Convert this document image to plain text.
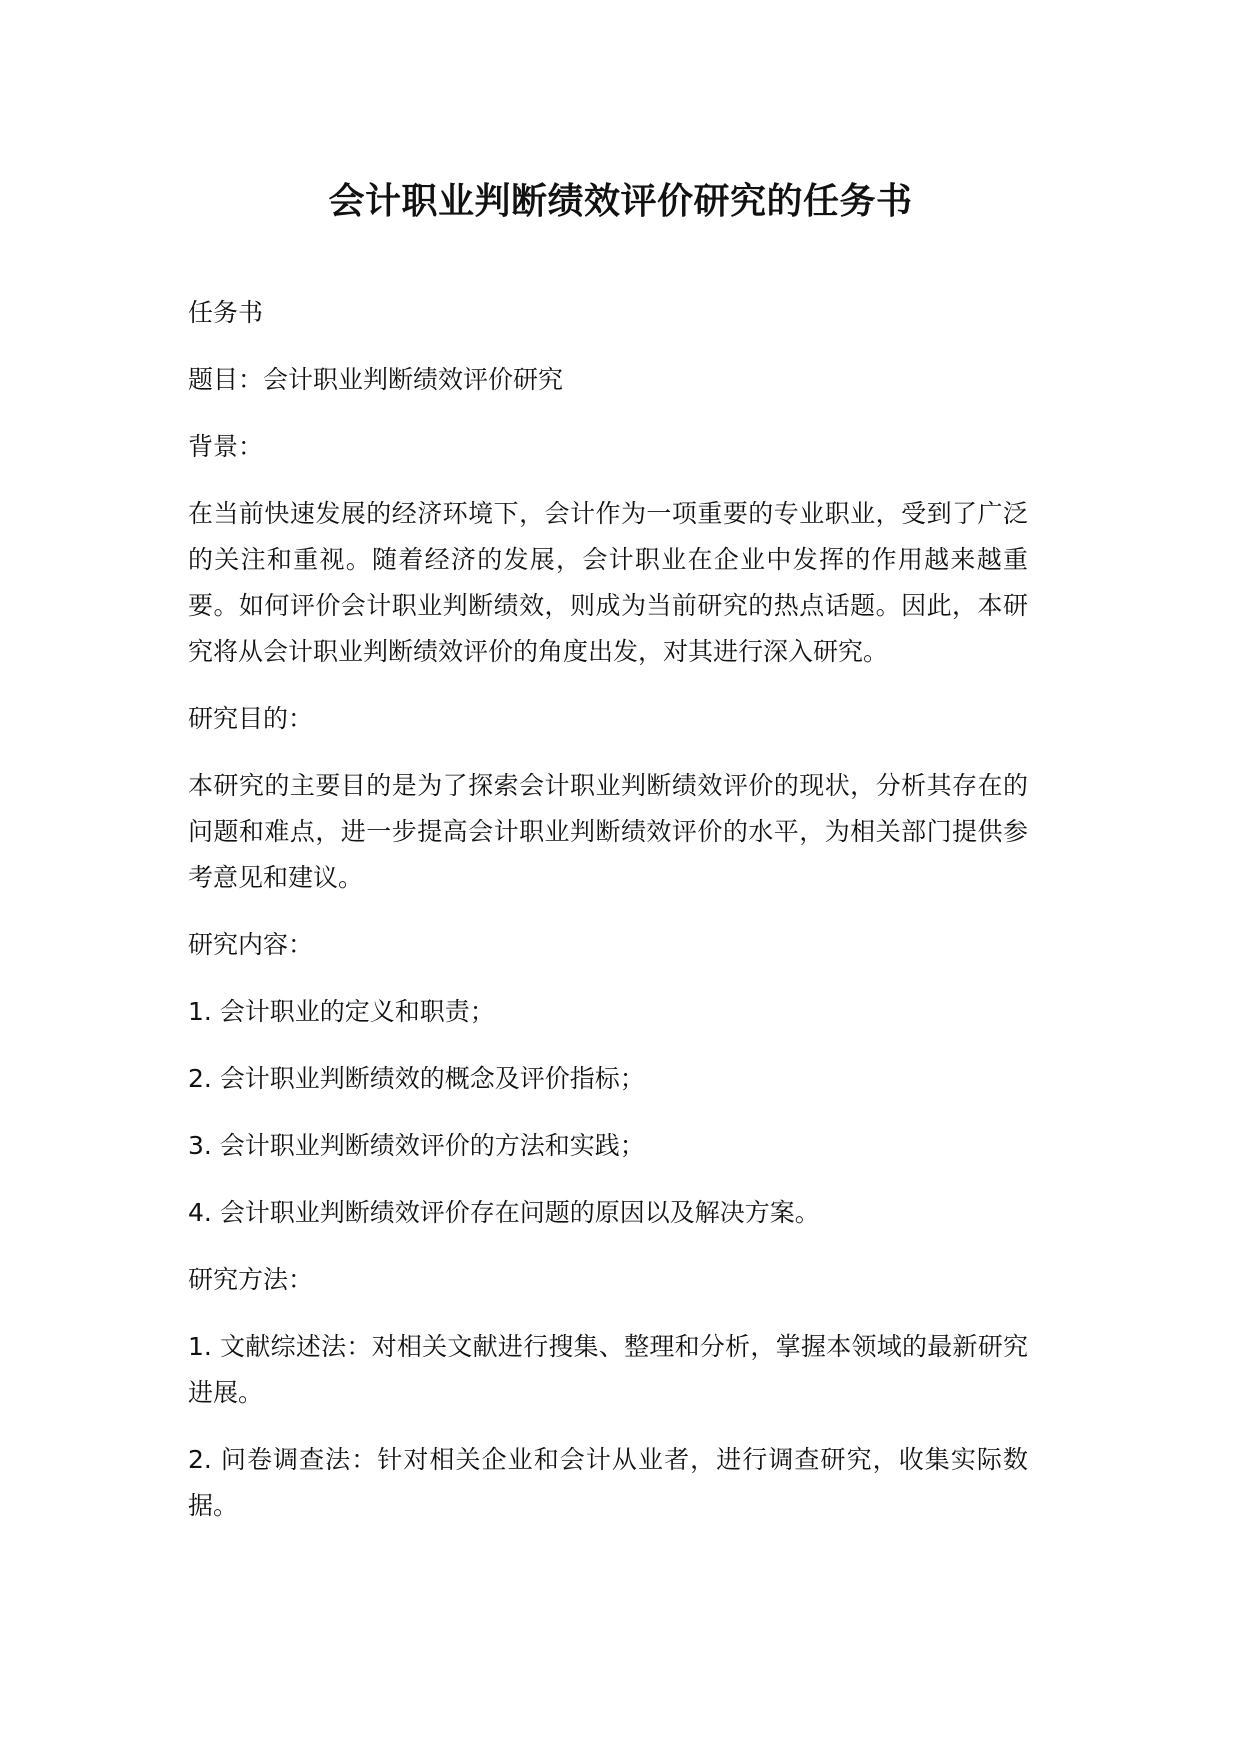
会计职业判断绩效评价研究的任务书

任务书

题目：会计职业判断绩效评价研究

背景：

在当前快速发展的经济环境下，会计作为一项重要的专业职业，受到了广泛的关注和重视。随着经济的发展，会计职业在企业中发挥的作用越来越重要。如何评价会计职业判断绩效，则成为当前研究的热点话题。因此，本研究将从会计职业判断绩效评价的角度出发，对其进行深入研究。

研究目的：

本研究的主要目的是为了探索会计职业判断绩效评价的现状，分析其存在的问题和难点，进一步提高会计职业判断绩效评价的水平，为相关部门提供参考意见和建议。

研究内容：

1. 会计职业的定义和职责；

2. 会计职业判断绩效的概念及评价指标；

3. 会计职业判断绩效评价的方法和实践；

4. 会计职业判断绩效评价存在问题的原因以及解决方案。

研究方法：

1. 文献综述法：对相关文献进行搜集、整理和分析，掌握本领域的最新研究进展。

2. 问卷调查法：针对相关企业和会计从业者，进行调查研究，收集实际数据。
